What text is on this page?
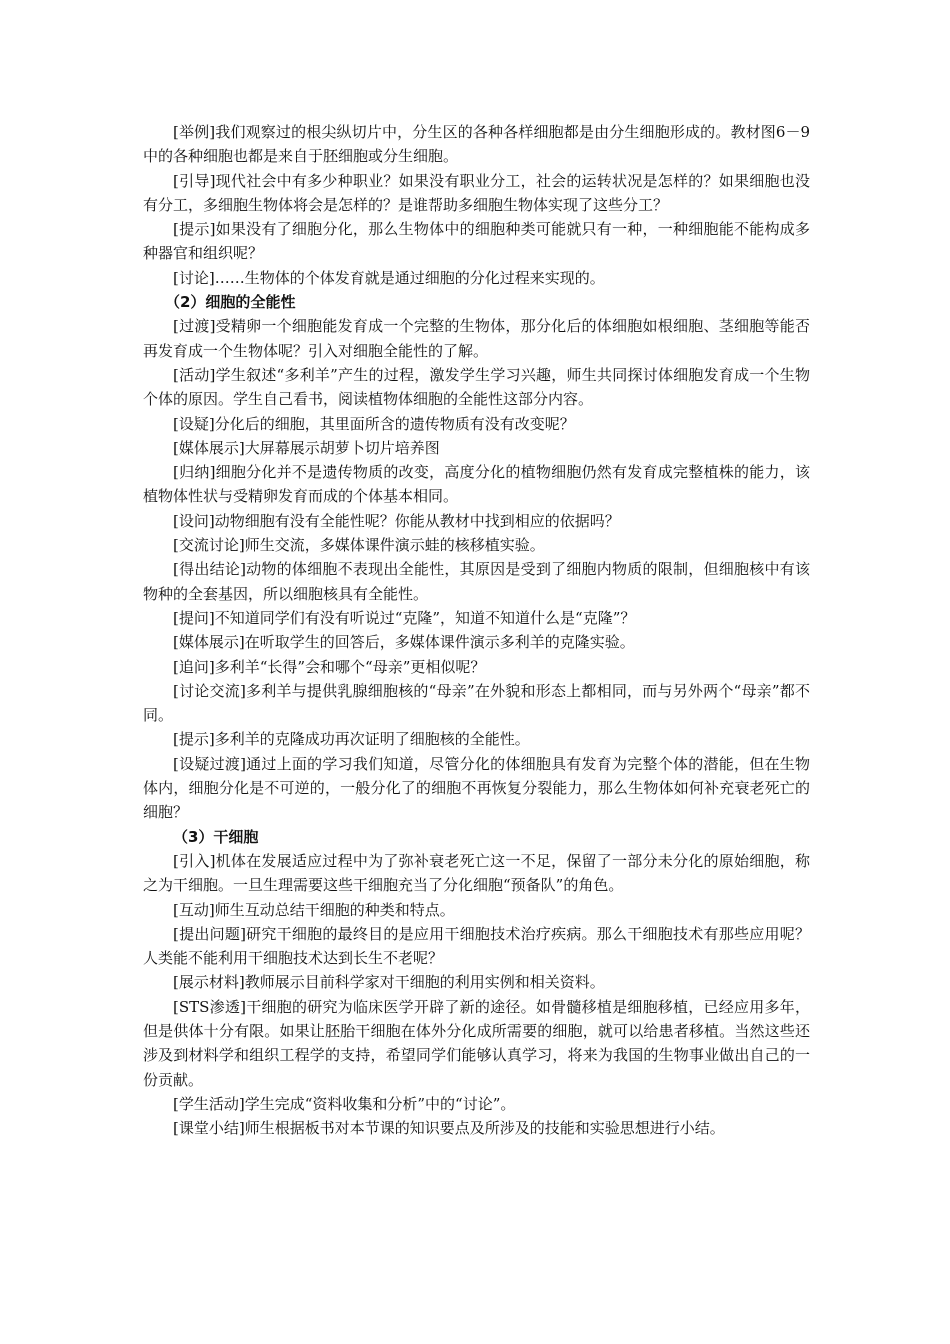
[举例]我们观察过的根尖纵切片中，分生区的各种各样细胞都是由分生细胞形成的。教材图6－9中的各种细胞也都是来自于胚细胞或分生细胞。

[引导]现代社会中有多少种职业？如果没有职业分工，社会的运转状况是怎样的？如果细胞也没有分工，多细胞生物体将会是怎样的？是谁帮助多细胞生物体实现了这些分工？

[提示]如果没有了细胞分化，那么生物体中的细胞种类可能就只有一种，一种细胞能不能构成多种器官和组织呢？

[讨论]……生物体的个体发育就是通过细胞的分化过程来实现的。

（2）细胞的全能性

[过渡]受精卵一个细胞能发育成一个完整的生物体，那分化后的体细胞如根细胞、茎细胞等能否再发育成一个生物体呢？引入对细胞全能性的了解。

[活动]学生叙述“多利羊”产生的过程，激发学生学习兴趣，师生共同探讨体细胞发育成一个生物个体的原因。学生自己看书，阅读植物体细胞的全能性这部分内容。

[设疑]分化后的细胞，其里面所含的遗传物质有没有改变呢？

[媒体展示]大屏幕展示胡萝卜切片培养图

[归纳]细胞分化并不是遗传物质的改变，高度分化的植物细胞仍然有发育成完整植株的能力，该植物体性状与受精卵发育而成的个体基本相同。

[设问]动物细胞有没有全能性呢？你能从教材中找到相应的依据吗？

[交流讨论]师生交流，多媒体课件演示蛙的核移植实验。

[得出结论]动物的体细胞不表现出全能性，其原因是受到了细胞内物质的限制，但细胞核中有该物种的全套基因，所以细胞核具有全能性。

[提问]不知道同学们有没有听说过“克隆”，知道不知道什么是“克隆”？

[媒体展示]在听取学生的回答后，多媒体课件演示多利羊的克隆实验。

[追问]多利羊“长得”会和哪个“母亲”更相似呢？

[讨论交流]多利羊与提供乳腺细胞核的“母亲”在外貌和形态上都相同，而与另外两个“母亲”都不同。

[提示]多利羊的克隆成功再次证明了细胞核的全能性。

[设疑过渡]通过上面的学习我们知道，尽管分化的体细胞具有发育为完整个体的潜能，但在生物体内，细胞分化是不可逆的，一般分化了的细胞不再恢复分裂能力，那么生物体如何补充衰老死亡的细胞？

（3）干细胞

[引入]机体在发展适应过程中为了弥补衰老死亡这一不足，保留了一部分未分化的原始细胞，称之为干细胞。一旦生理需要这些干细胞充当了分化细胞“预备队”的角色。

[互动]师生互动总结干细胞的种类和特点。

[提出问题]研究干细胞的最终目的是应用干细胞技术治疗疾病。那么干细胞技术有那些应用呢？人类能不能利用干细胞技术达到长生不老呢？

[展示材料]教师展示目前科学家对干细胞的利用实例和相关资料。

[STS渗透]干细胞的研究为临床医学开辟了新的途径。如骨髓移植是细胞移植，已经应用多年，但是供体十分有限。如果让胚胎干细胞在体外分化成所需要的细胞，就可以给患者移植。当然这些还涉及到材料学和组织工程学的支持，希望同学们能够认真学习，将来为我国的生物事业做出自己的一份贡献。

[学生活动]学生完成“资料收集和分析”中的“讨论”。

[课堂小结]师生根据板书对本节课的知识要点及所涉及的技能和实验思想进行小结。
